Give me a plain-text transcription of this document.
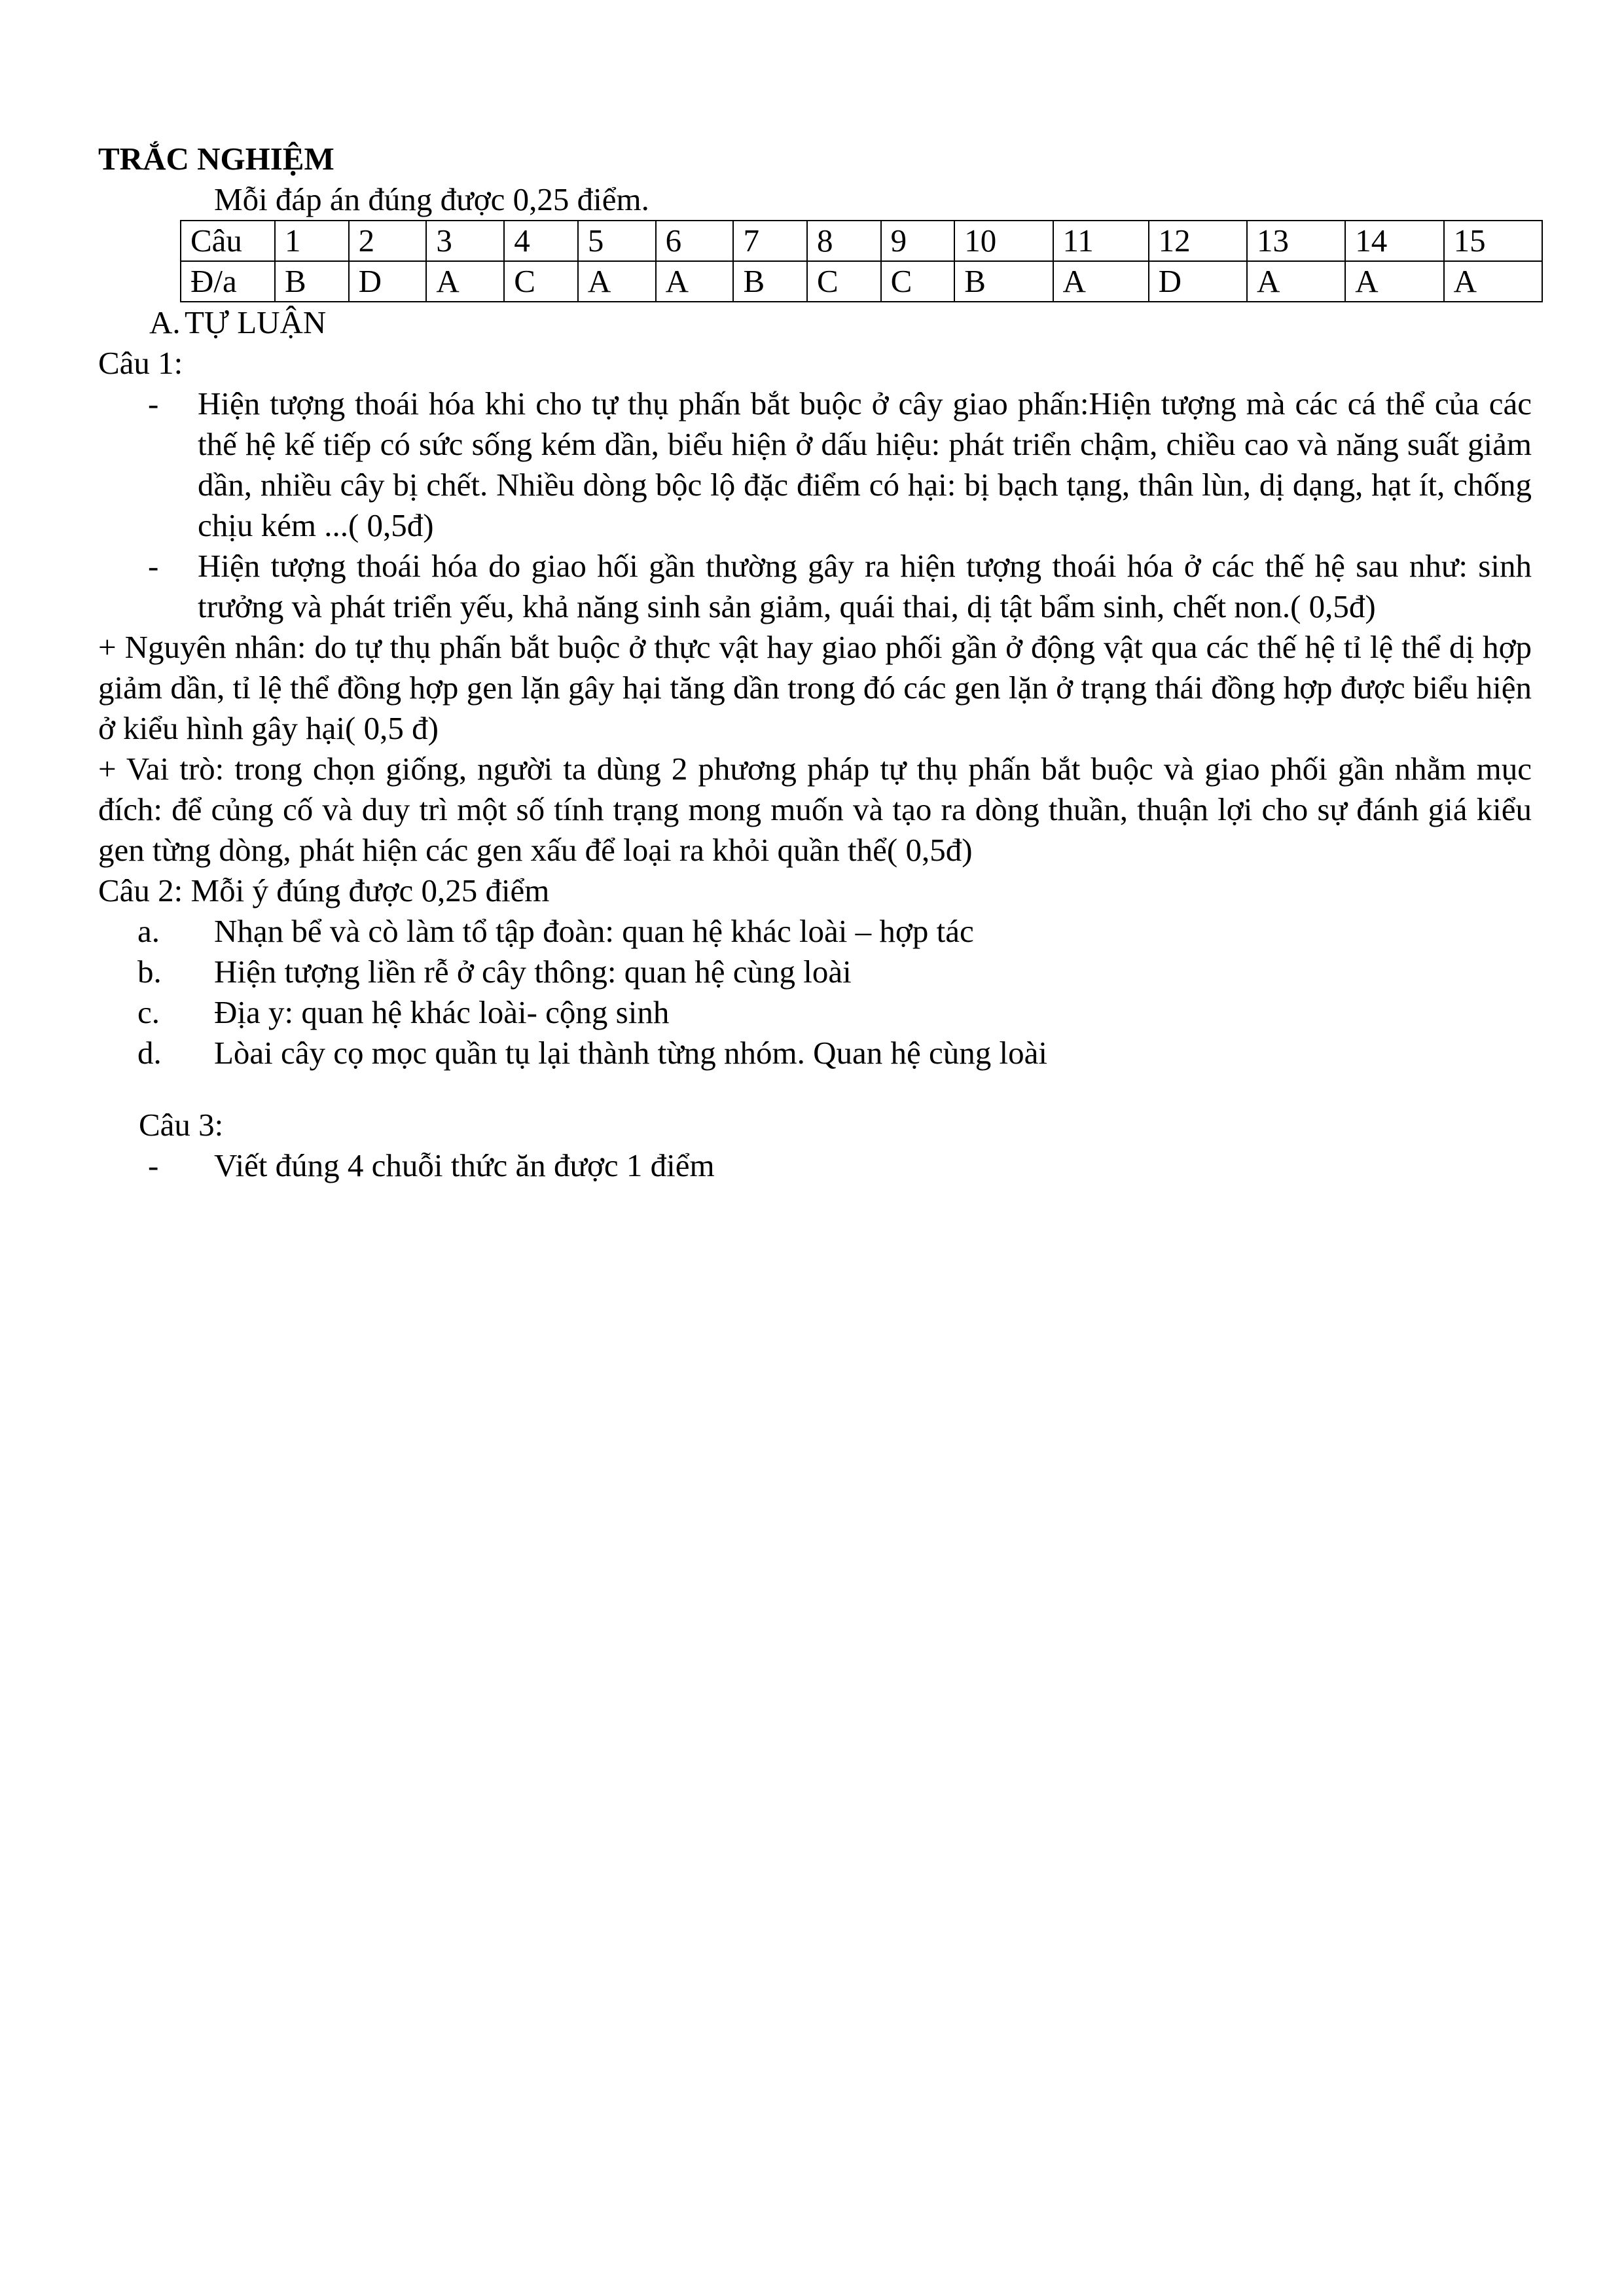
TRẮC NGHIỆM

Mỗi đáp án đúng được 0,25 điểm.

Câu	1	2	3	4	5	6	7	8	9	10	11	12	13	14	15
Đ/a	B	D	A	C	A	A	B	C	C	B	A	D	A	A	A

A. TỰ LUẬN

Câu 1:

- Hiện tượng thoái hóa khi cho tự thụ phấn bắt buộc ở cây giao phấn:Hiện tượng mà các cá thể của các thế hệ kế tiếp có sức sống kém dần, biểu hiện ở dấu hiệu: phát triển chậm, chiều cao và năng suất giảm dần, nhiều cây bị chết. Nhiều dòng bộc lộ đặc điểm có hại: bị bạch tạng, thân lùn, dị dạng, hạt ít, chống chịu kém ...( 0,5đ)

- Hiện tượng thoái hóa do giao hối gần thường gây ra hiện tượng thoái hóa ở các thế hệ sau như: sinh trưởng và phát triển yếu, khả năng sinh sản giảm, quái thai, dị tật bẩm sinh, chết non.( 0,5đ)

+ Nguyên nhân: do tự thụ phấn bắt buộc ở thực vật hay giao phối gần ở động vật qua các thế hệ tỉ lệ thể dị hợp giảm dần, tỉ lệ thể đồng hợp gen lặn gây hại tăng dần trong đó các gen lặn ở trạng thái đồng hợp được biểu hiện ở kiểu hình gây hại( 0,5 đ)

+ Vai trò: trong chọn giống, người ta dùng 2 phương pháp tự thụ phấn bắt buộc và giao phối gần nhằm mục đích: để củng cố và duy trì một số tính trạng mong muốn và tạo ra dòng thuần, thuận lợi cho sự đánh giá kiểu gen từng dòng, phát hiện các gen xấu để loại ra khỏi quần thể( 0,5đ)

Câu 2: Mỗi ý đúng được 0,25 điểm

a. Nhạn bể và cò làm tổ tập đoàn: quan hệ khác loài – hợp tác

b. Hiện tượng liền rễ ở cây thông: quan hệ cùng loài

c. Địa y: quan hệ khác loài- cộng sinh

d. Lòai cây cọ mọc quần tụ lại thành từng nhóm. Quan hệ cùng loài

Câu 3:

- Viết đúng 4 chuỗi thức ăn được 1 điểm
